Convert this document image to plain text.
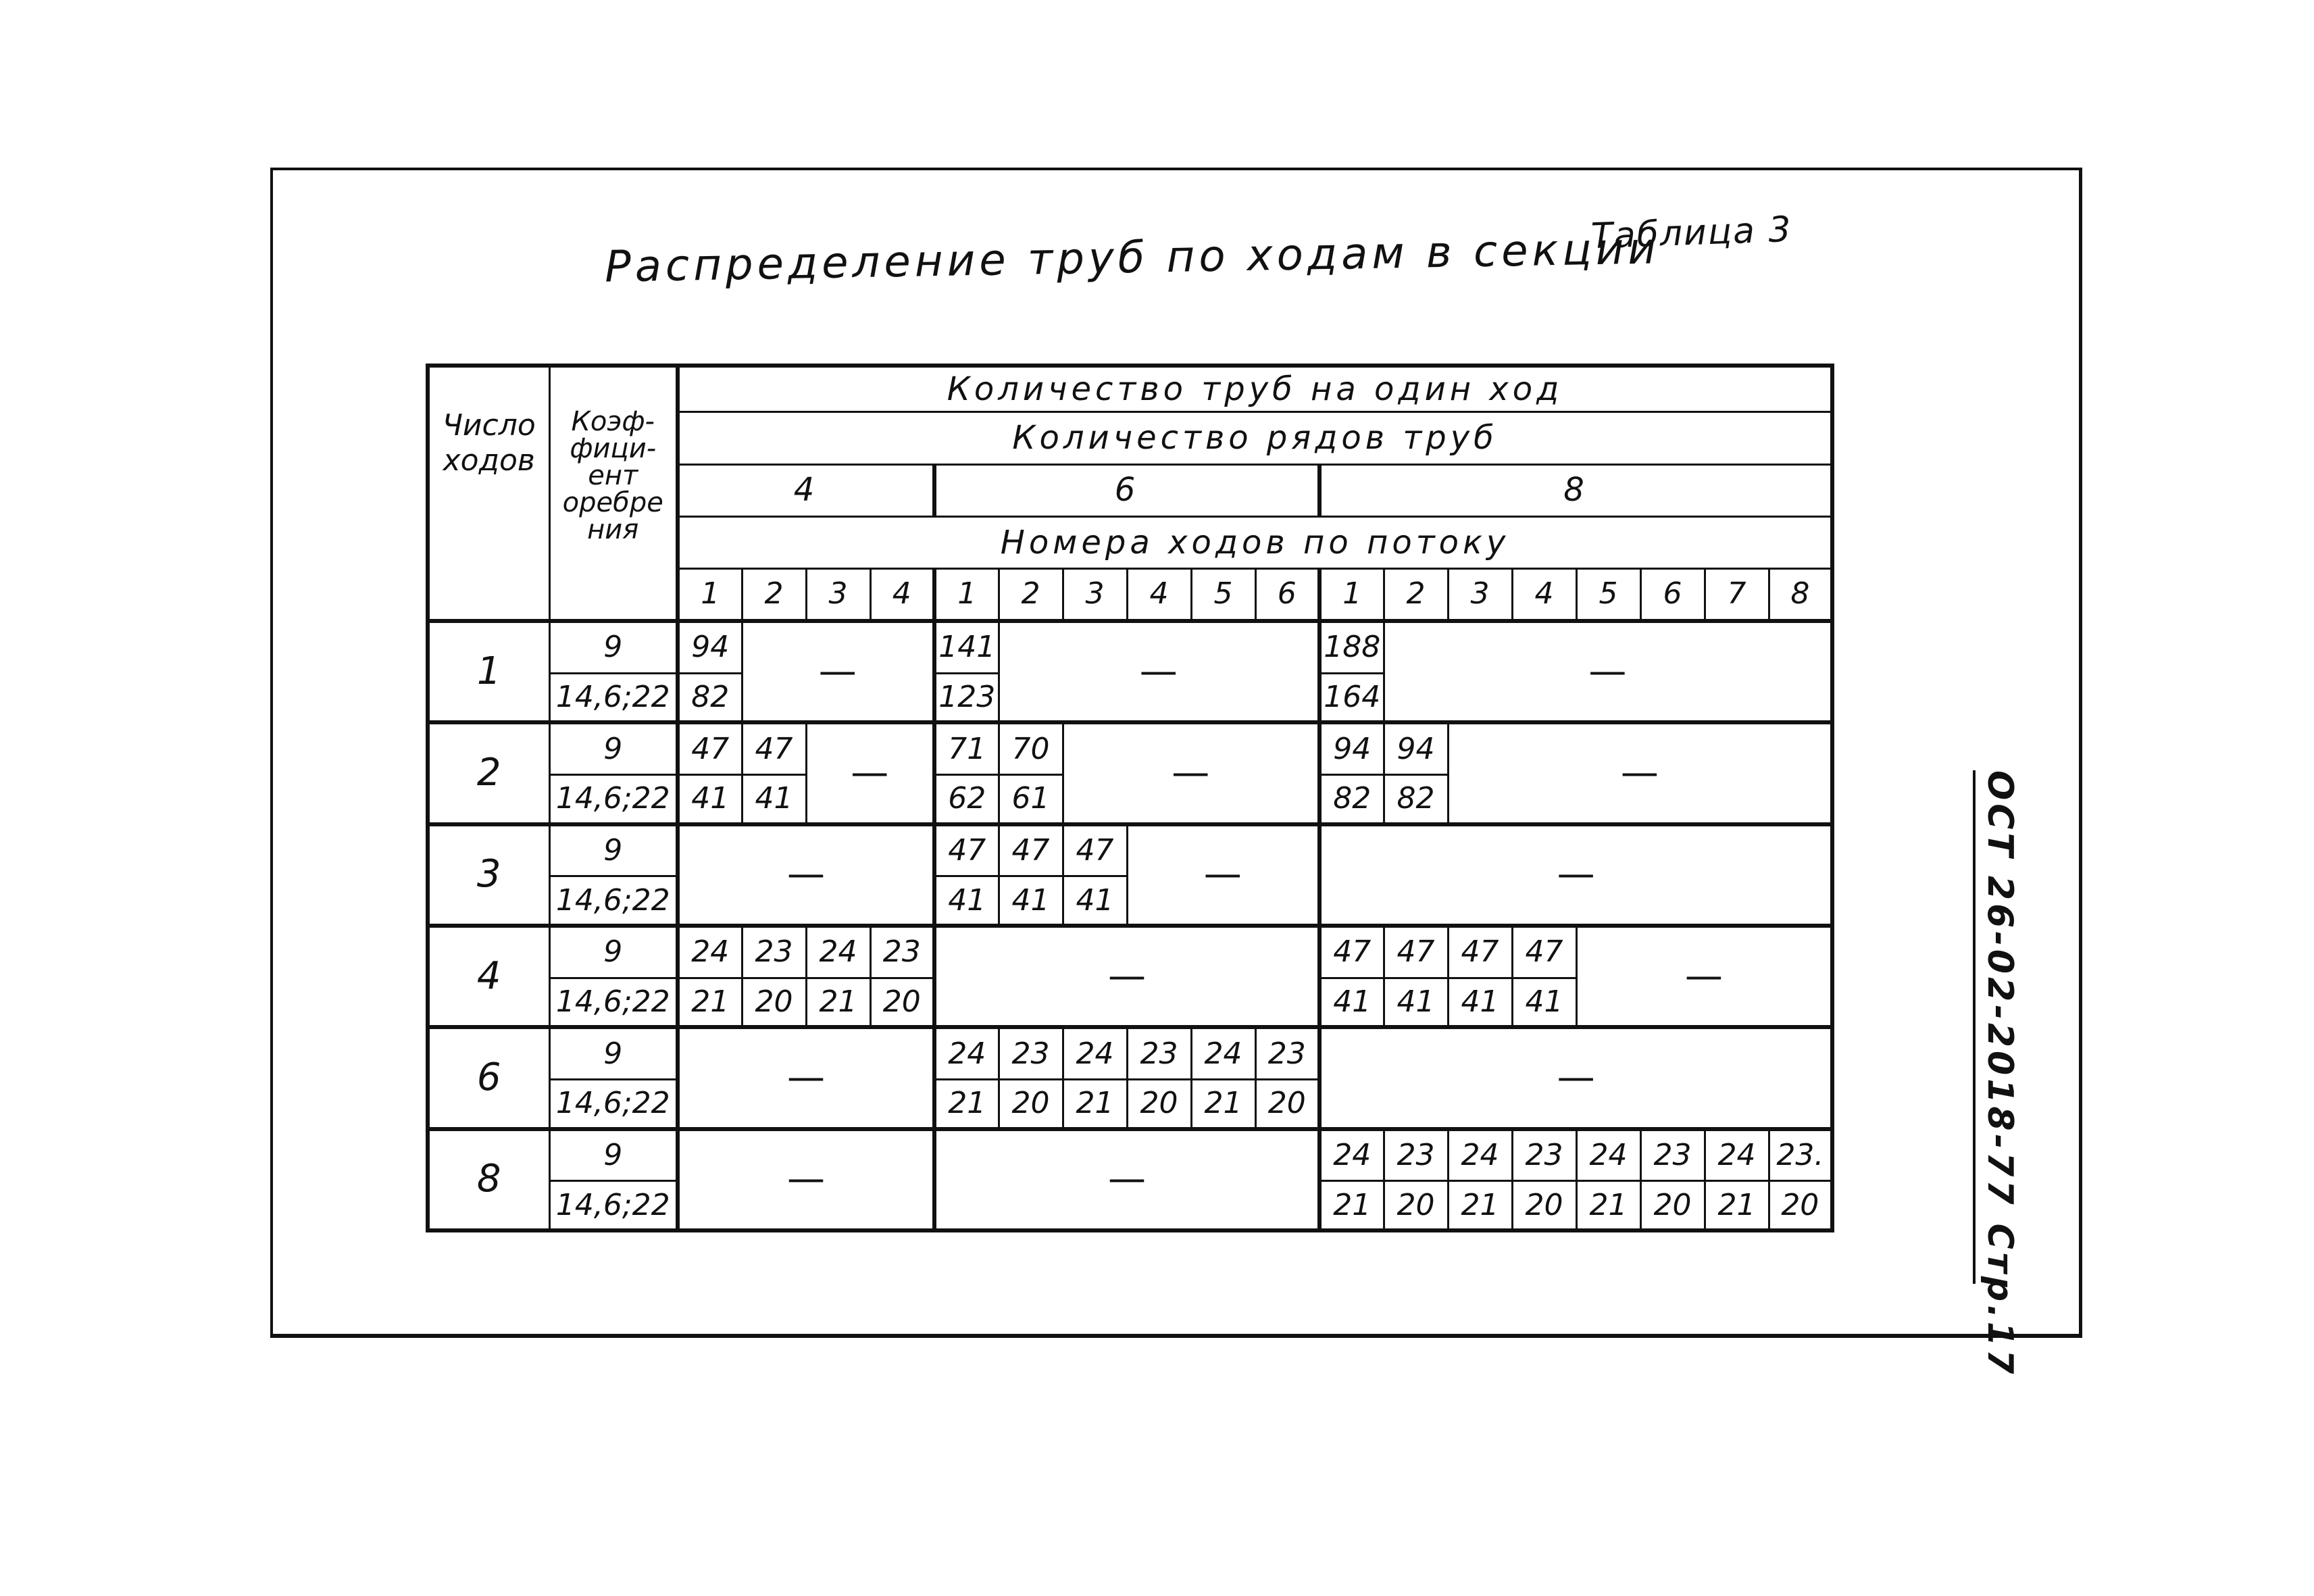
Распределение труб по ходам в секции
Таблица 3
ОСТ 26-02-2018-77 Стр.17
Число ходов	Коэф-фици-ент оребре ния	Количество труб на один ход																	
		Количество рядов труб																	
		4				6						8							
		Номера ходов по потоку																	
		1	2	3	4	1	2	3	4	5	6	1	2	3	4	5	6	7	8
1	9	94	—			141	—					188	—						
	14,6;22	82				123						164							
2	9	47	47	—		71	70	—				94	94	—					
	14,6;22	41	41			62	61					82	82						
3	9	—				47	47	47	—			—							
	14,6;22					41	41	41											
4	9	24	23	24	23	—						47	47	47	47	—			
	14,6;22	21	20	21	20							41	41	41	41				
6	9	—				24	23	24	23	24	23	—							
	14,6;22					21	20	21	20	21	20								
8	9	—				—						24	23	24	23	24	23	24	23.
	14,6;22											21	20	21	20	21	20	21	20
